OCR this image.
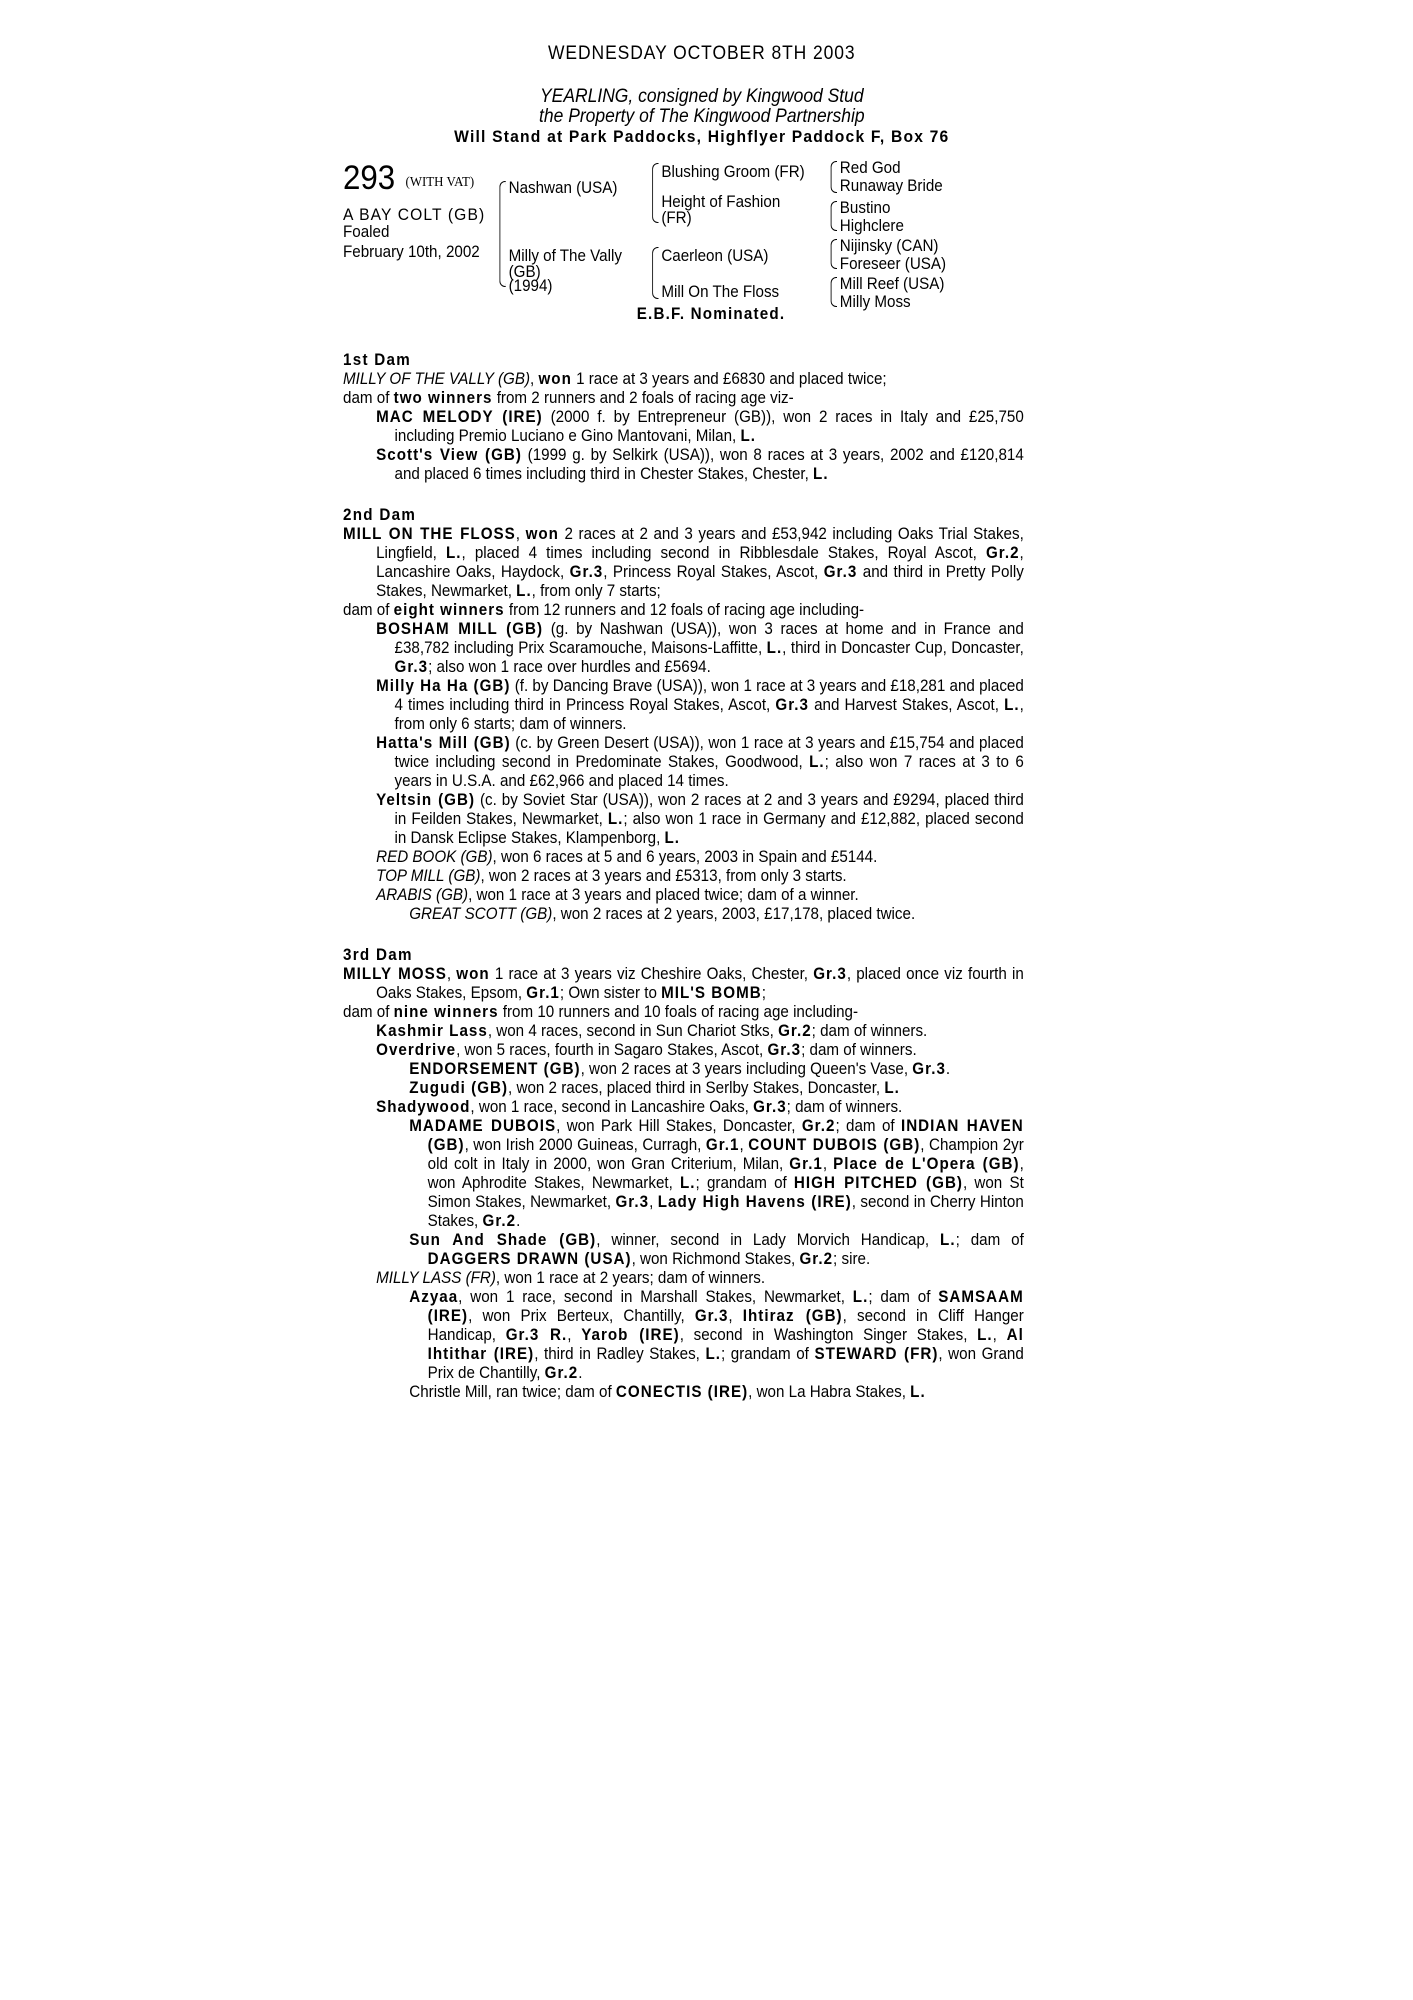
WEDNESDAY OCTOBER 8TH 2003
YEARLING, consigned by Kingwood Stud
the Property of The Kingwood Partnership
Will Stand at Park Paddocks, Highflyer Paddock F, Box 76
293 (WITH VAT)
A BAY COLT (GB)
Foaled
February 10th, 2002
Nashwan (USA)
Milly of The Vally
(GB)
(1994)
Blushing Groom (FR)
Height of Fashion
(FR)
Caerleon (USA)
Mill On The Floss
Red God
Runaway Bride
Bustino
Highclere
Nijinsky (CAN)
Foreseer (USA)
Mill Reef (USA)
Milly Moss
E.B.F. Nominated.
1st Dam

MILLY OF THE VALLY (GB), won 1 race at 3 years and £6830 and placed twice;

dam of two winners from 2 runners and 2 foals of racing age viz-

MAC MELODY (IRE) (2000 f. by Entrepreneur (GB)), won 2 races in Italy and £25,750 including Premio Luciano e Gino Mantovani, Milan, L.

Scott's View (GB) (1999 g. by Selkirk (USA)), won 8 races at 3 years, 2002 and £120,814 and placed 6 times including third in Chester Stakes, Chester, L.

2nd Dam

MILL ON THE FLOSS, won 2 races at 2 and 3 years and £53,942 including Oaks Trial Stakes, Lingfield, L., placed 4 times including second in Ribblesdale Stakes, Royal Ascot, Gr.2, Lancashire Oaks, Haydock, Gr.3, Princess Royal Stakes, Ascot, Gr.3 and third in Pretty Polly Stakes, Newmarket, L., from only 7 starts;

dam of eight winners from 12 runners and 12 foals of racing age including-

BOSHAM MILL (GB) (g. by Nashwan (USA)), won 3 races at home and in France and £38,782 including Prix Scaramouche, Maisons-Laffitte, L., third in Doncaster Cup, Doncaster, Gr.3; also won 1 race over hurdles and £5694.

Milly Ha Ha (GB) (f. by Dancing Brave (USA)), won 1 race at 3 years and £18,281 and placed 4 times including third in Princess Royal Stakes, Ascot, Gr.3 and Harvest Stakes, Ascot, L., from only 6 starts; dam of winners.

Hatta's Mill (GB) (c. by Green Desert (USA)), won 1 race at 3 years and £15,754 and placed twice including second in Predominate Stakes, Goodwood, L.; also won 7 races at 3 to 6 years in U.S.A. and £62,966 and placed 14 times.

Yeltsin (GB) (c. by Soviet Star (USA)), won 2 races at 2 and 3 years and £9294, placed third in Feilden Stakes, Newmarket, L.; also won 1 race in Germany and £12,882, placed second in Dansk Eclipse Stakes, Klampenborg, L.

RED BOOK (GB), won 6 races at 5 and 6 years, 2003 in Spain and £5144.

TOP MILL (GB), won 2 races at 3 years and £5313, from only 3 starts.

ARABIS (GB), won 1 race at 3 years and placed twice; dam of a winner.

GREAT SCOTT (GB), won 2 races at 2 years, 2003, £17,178, placed twice.

3rd Dam

MILLY MOSS, won 1 race at 3 years viz Cheshire Oaks, Chester, Gr.3, placed once viz fourth in Oaks Stakes, Epsom, Gr.1; Own sister to MIL'S BOMB;

dam of nine winners from 10 runners and 10 foals of racing age including-

Kashmir Lass, won 4 races, second in Sun Chariot Stks, Gr.2; dam of winners.

Overdrive, won 5 races, fourth in Sagaro Stakes, Ascot, Gr.3; dam of winners.

ENDORSEMENT (GB), won 2 races at 3 years including Queen's Vase, Gr.3.

Zugudi (GB), won 2 races, placed third in Serlby Stakes, Doncaster, L.

Shadywood, won 1 race, second in Lancashire Oaks, Gr.3; dam of winners.

MADAME DUBOIS, won Park Hill Stakes, Doncaster, Gr.2; dam of INDIAN HAVEN (GB), won Irish 2000 Guineas, Curragh, Gr.1, COUNT DUBOIS (GB), Champion 2yr old colt in Italy in 2000, won Gran Criterium, Milan, Gr.1, Place de L'Opera (GB), won Aphrodite Stakes, Newmarket, L.; grandam of HIGH PITCHED (GB), won St Simon Stakes, Newmarket, Gr.3, Lady High Havens (IRE), second in Cherry Hinton Stakes, Gr.2.

Sun And Shade (GB), winner, second in Lady Morvich Handicap, L.; dam of DAGGERS DRAWN (USA), won Richmond Stakes, Gr.2; sire.

MILLY LASS (FR), won 1 race at 2 years; dam of winners.

Azyaa, won 1 race, second in Marshall Stakes, Newmarket, L.; dam of SAMSAAM (IRE), won Prix Berteux, Chantilly, Gr.3, Ihtiraz (GB), second in Cliff Hanger Handicap, Gr.3 R., Yarob (IRE), second in Washington Singer Stakes, L., Al Ihtithar (IRE), third in Radley Stakes, L.; grandam of STEWARD (FR), won Grand Prix de Chantilly, Gr.2.

Christle Mill, ran twice; dam of CONECTIS (IRE), won La Habra Stakes, L.
